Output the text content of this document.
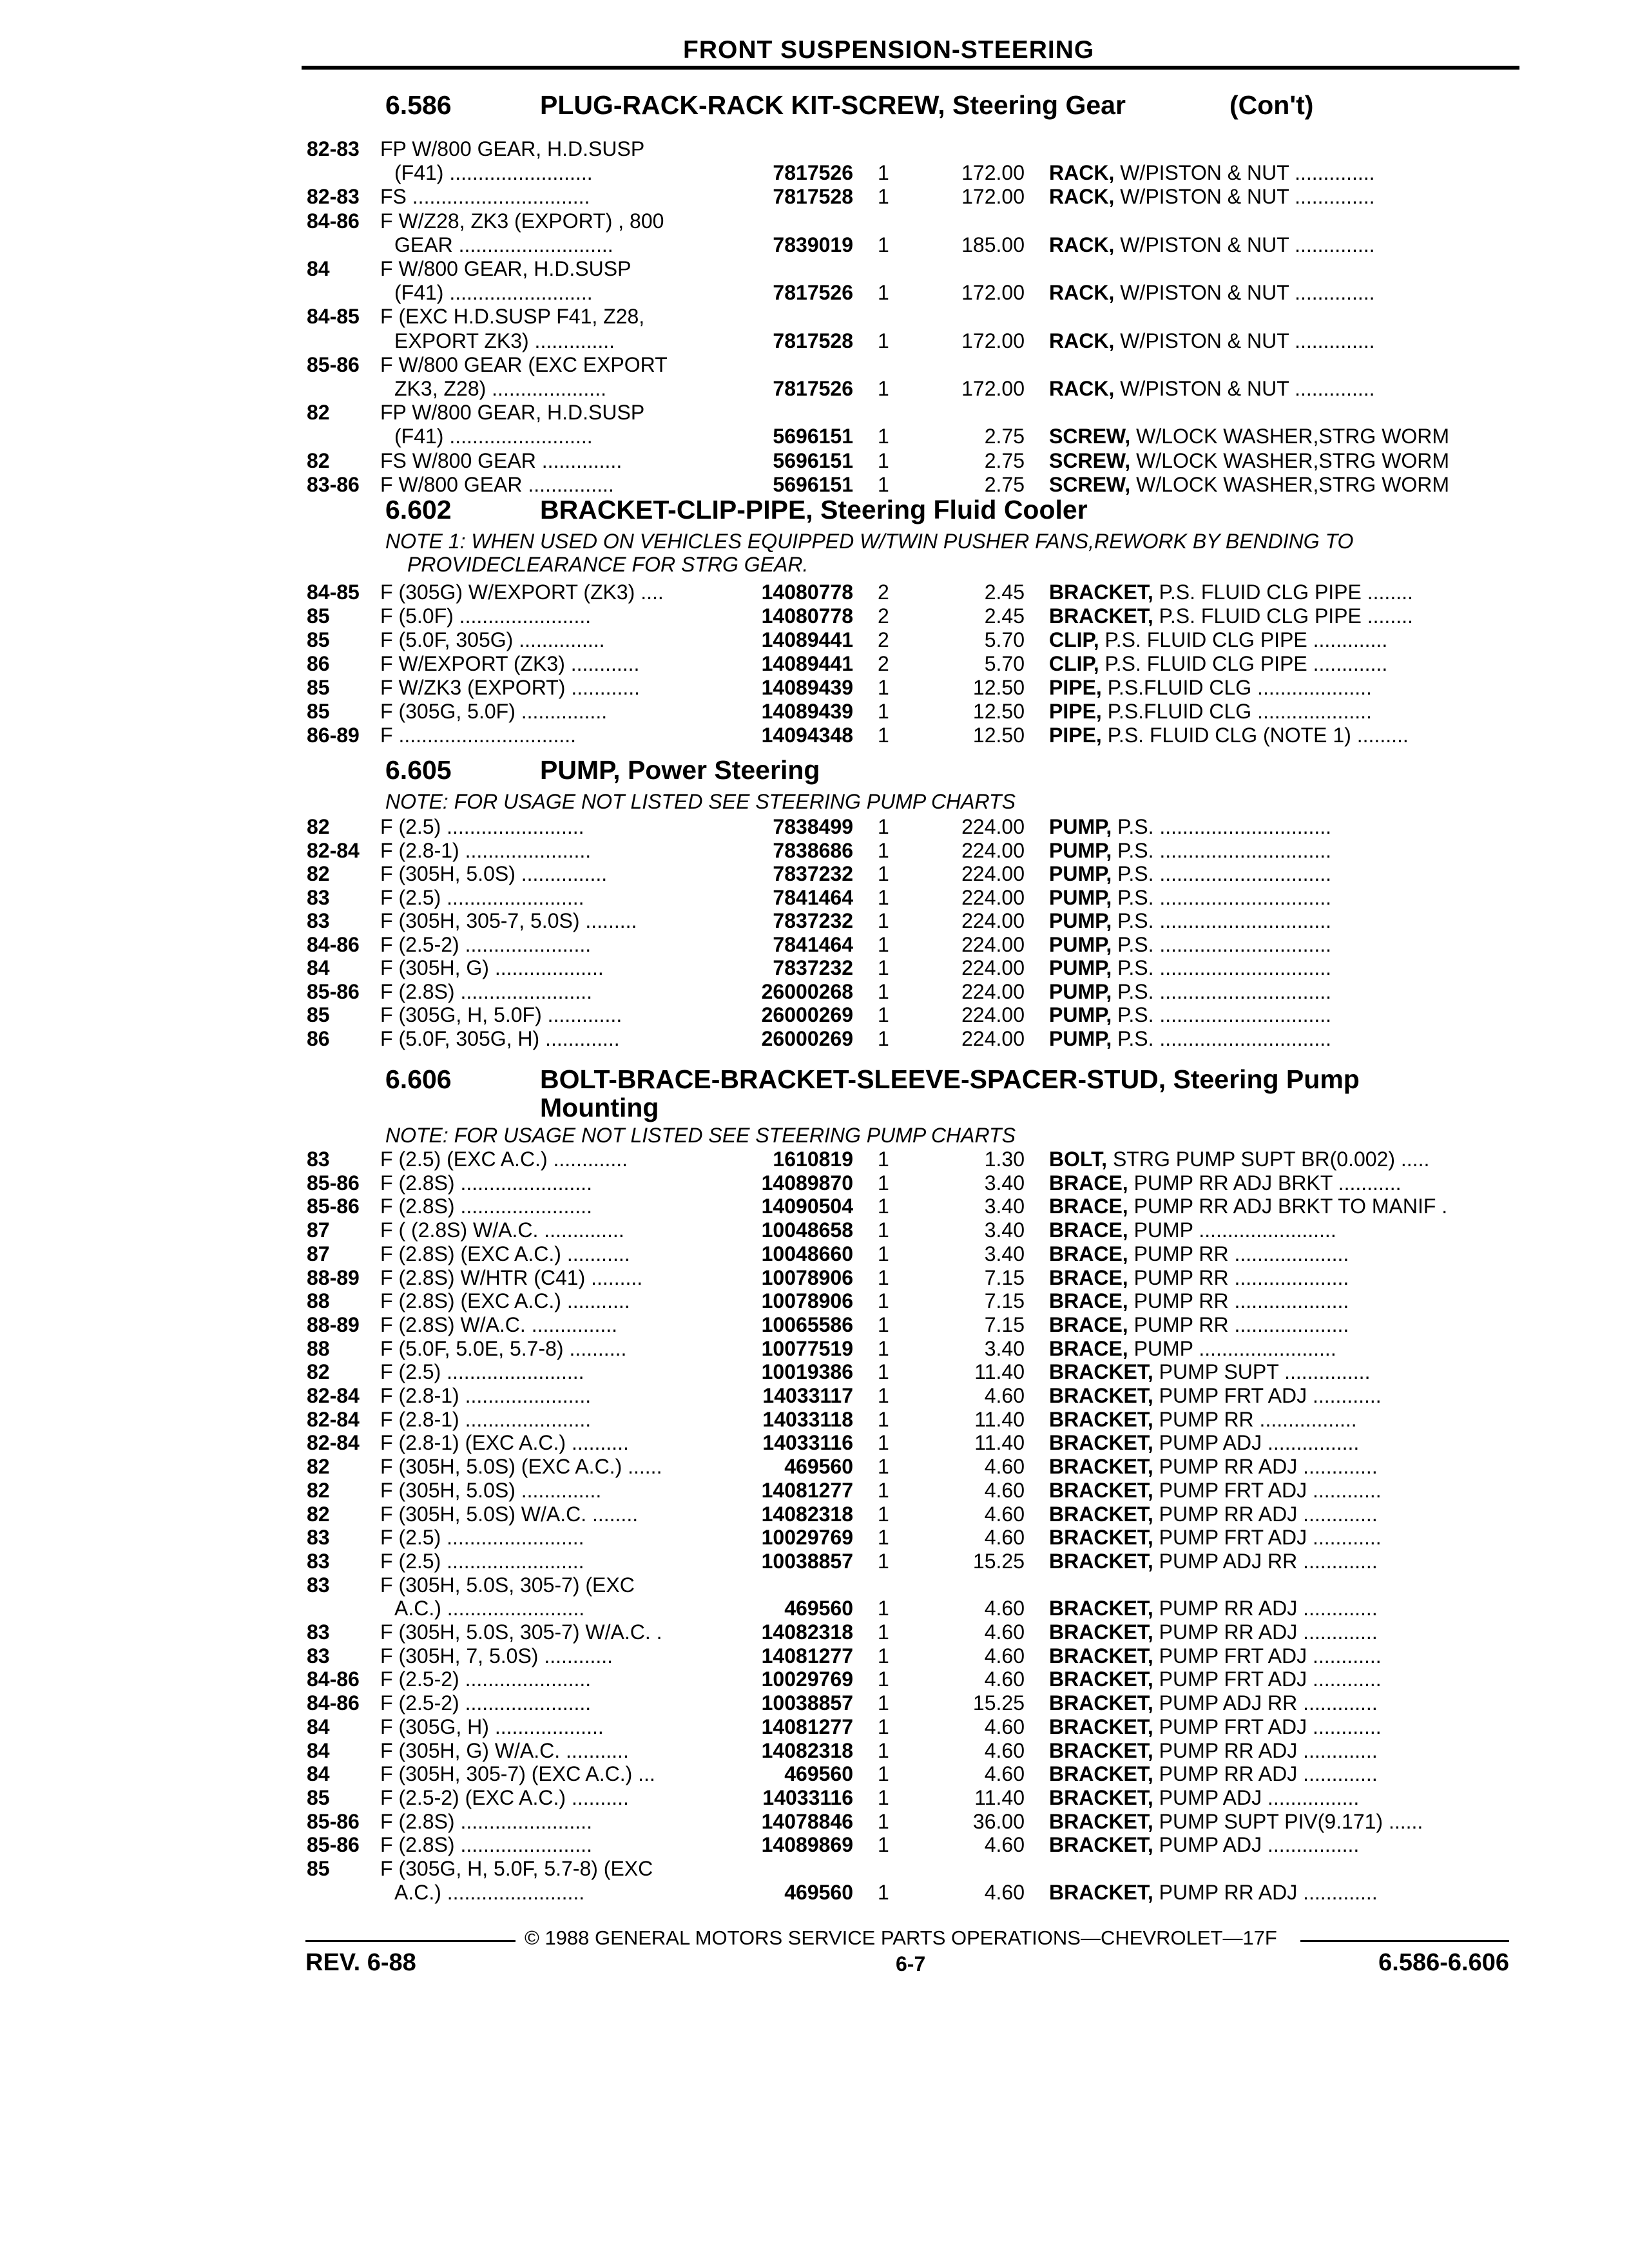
FRONT SUSPENSION-STEERING
6.586	PLUG-RACK-RACK KIT-SCREW, Steering Gear	(Con't)
6.602	BRACKET-CLIP-PIPE, Steering Fluid Cooler
NOTE 1: WHEN USED ON VEHICLES EQUIPPED W/TWIN PUSHER FANS,REWORK BY BENDING TO
PROVIDECLEARANCE FOR STRG GEAR.
6.605	PUMP, Power Steering
NOTE: FOR USAGE NOT LISTED SEE STEERING PUMP CHARTS
6.606	BOLT-BRACE-BRACKET-SLEEVE-SPACER-STUD, Steering Pump
Mounting
NOTE: FOR USAGE NOT LISTED SEE STEERING PUMP CHARTS
82-83 FP W/800 GEAR, H.D.SUSP
(F41) .........................	7817526 1	172.00 RACK, W/PISTON & NUT ..............
82-83 FS ...............................	7817528 1	172.00 RACK, W/PISTON & NUT ..............
84-86 F W/Z28, ZK3 (EXPORT) , 800
GEAR ...........................	7839019 1	185.00 RACK, W/PISTON & NUT ..............
84 F W/800 GEAR, H.D.SUSP
(F41) .........................	7817526 1	172.00 RACK, W/PISTON & NUT ..............
84-85 F (EXC H.D.SUSP F41, Z28,
EXPORT ZK3) ..............	7817528 1	172.00 RACK, W/PISTON & NUT ..............
85-86 F W/800 GEAR (EXC EXPORT
ZK3, Z28) ....................	7817526 1	172.00 RACK, W/PISTON & NUT ..............
82 FP W/800 GEAR, H.D.SUSP
(F41) .........................	5696151 1	2.75 SCREW, W/LOCK WASHER,STRG WORM
82 FS W/800 GEAR ..............	5696151 1	2.75 SCREW, W/LOCK WASHER,STRG WORM
83-86 F W/800 GEAR ...............	5696151 1	2.75 SCREW, W/LOCK WASHER,STRG WORM
84-85 F (305G) W/EXPORT (ZK3) ....	14080778 2	2.45 BRACKET, P.S. FLUID CLG PIPE ........
85 F (5.0F) .......................	14080778 2	2.45 BRACKET, P.S. FLUID CLG PIPE ........
85 F (5.0F, 305G) ...............	14089441 2	5.70 CLIP, P.S. FLUID CLG PIPE .............
86 F W/EXPORT (ZK3) ............	14089441 2	5.70 CLIP, P.S. FLUID CLG PIPE .............
85 F W/ZK3 (EXPORT) ............	14089439 1	12.50 PIPE, P.S.FLUID CLG ....................
85 F (305G, 5.0F) ...............	14089439 1	12.50 PIPE, P.S.FLUID CLG ....................
86-89 F ...............................	14094348 1	12.50 PIPE, P.S. FLUID CLG (NOTE 1) .........
82 F (2.5) ........................	7838499 1	224.00 PUMP, P.S. ..............................
82-84 F (2.8-1) ......................	7838686 1	224.00 PUMP, P.S. ..............................
82 F (305H, 5.0S) ...............	7837232 1	224.00 PUMP, P.S. ..............................
83 F (2.5) ........................	7841464 1	224.00 PUMP, P.S. ..............................
83 F (305H, 305-7, 5.0S) .........	7837232 1	224.00 PUMP, P.S. ..............................
84-86 F (2.5-2) ......................	7841464 1	224.00 PUMP, P.S. ..............................
84 F (305H, G) ...................	7837232 1	224.00 PUMP, P.S. ..............................
85-86 F (2.8S) .......................	26000268 1	224.00 PUMP, P.S. ..............................
85 F (305G, H, 5.0F) .............	26000269 1	224.00 PUMP, P.S. ..............................
86 F (5.0F, 305G, H) .............	26000269 1	224.00 PUMP, P.S. ..............................
83 F (2.5) (EXC A.C.) .............	1610819 1	1.30 BOLT, STRG PUMP SUPT BR(0.002) .....
85-86 F (2.8S) .......................	14089870 1	3.40 BRACE, PUMP RR ADJ BRKT ...........
85-86 F (2.8S) .......................	14090504 1	3.40 BRACE, PUMP RR ADJ BRKT TO MANIF .
87 F ( (2.8S) W/A.C. ..............	10048658 1	3.40 BRACE, PUMP ........................
87 F (2.8S) (EXC A.C.) ...........	10048660 1	3.40 BRACE, PUMP RR ....................
88-89 F (2.8S) W/HTR (C41) .........	10078906 1	7.15 BRACE, PUMP RR ....................
88 F (2.8S) (EXC A.C.) ...........	10078906 1	7.15 BRACE, PUMP RR ....................
88-89 F (2.8S) W/A.C. ...............	10065586 1	7.15 BRACE, PUMP RR ....................
88 F (5.0F, 5.0E, 5.7-8) ..........	10077519 1	3.40 BRACE, PUMP ........................
82 F (2.5) ........................	10019386 1	11.40 BRACKET, PUMP SUPT ...............
82-84 F (2.8-1) ......................	14033117 1	4.60 BRACKET, PUMP FRT ADJ ............
82-84 F (2.8-1) ......................	14033118 1	11.40 BRACKET, PUMP RR .................
82-84 F (2.8-1) (EXC A.C.) ..........	14033116 1	11.40 BRACKET, PUMP ADJ ................
82 F (305H, 5.0S) (EXC A.C.) ......	469560 1	4.60 BRACKET, PUMP RR ADJ .............
82 F (305H, 5.0S) ..............	14081277 1	4.60 BRACKET, PUMP FRT ADJ ............
82 F (305H, 5.0S) W/A.C. ........	14082318 1	4.60 BRACKET, PUMP RR ADJ .............
83 F (2.5) ........................	10029769 1	4.60 BRACKET, PUMP FRT ADJ ............
83 F (2.5) ........................	10038857 1	15.25 BRACKET, PUMP ADJ RR .............
83 F (305H, 5.0S, 305-7) (EXC
A.C.) ........................	469560 1	4.60 BRACKET, PUMP RR ADJ .............
83 F (305H, 5.0S, 305-7) W/A.C. .	14082318 1	4.60 BRACKET, PUMP RR ADJ .............
83 F (305H, 7, 5.0S) ............	14081277 1	4.60 BRACKET, PUMP FRT ADJ ............
84-86 F (2.5-2) ......................	10029769 1	4.60 BRACKET, PUMP FRT ADJ ............
84-86 F (2.5-2) ......................	10038857 1	15.25 BRACKET, PUMP ADJ RR .............
84 F (305G, H) ...................	14081277 1	4.60 BRACKET, PUMP FRT ADJ ............
84 F (305H, G) W/A.C. ...........	14082318 1	4.60 BRACKET, PUMP RR ADJ .............
84 F (305H, 305-7) (EXC A.C.) ...	469560 1	4.60 BRACKET, PUMP RR ADJ .............
85 F (2.5-2) (EXC A.C.) ..........	14033116 1	11.40 BRACKET, PUMP ADJ ................
85-86 F (2.8S) .......................	14078846 1	36.00 BRACKET, PUMP SUPT PIV(9.171) ......
85-86 F (2.8S) .......................	14089869 1	4.60 BRACKET, PUMP ADJ ................
85 F (305G, H, 5.0F, 5.7-8) (EXC
A.C.) ........................	469560 1	4.60 BRACKET, PUMP RR ADJ .............
© 1988 GENERAL MOTORS SERVICE PARTS OPERATIONS—CHEVROLET—17F
REV. 6-88	6-7	6.586-6.606
